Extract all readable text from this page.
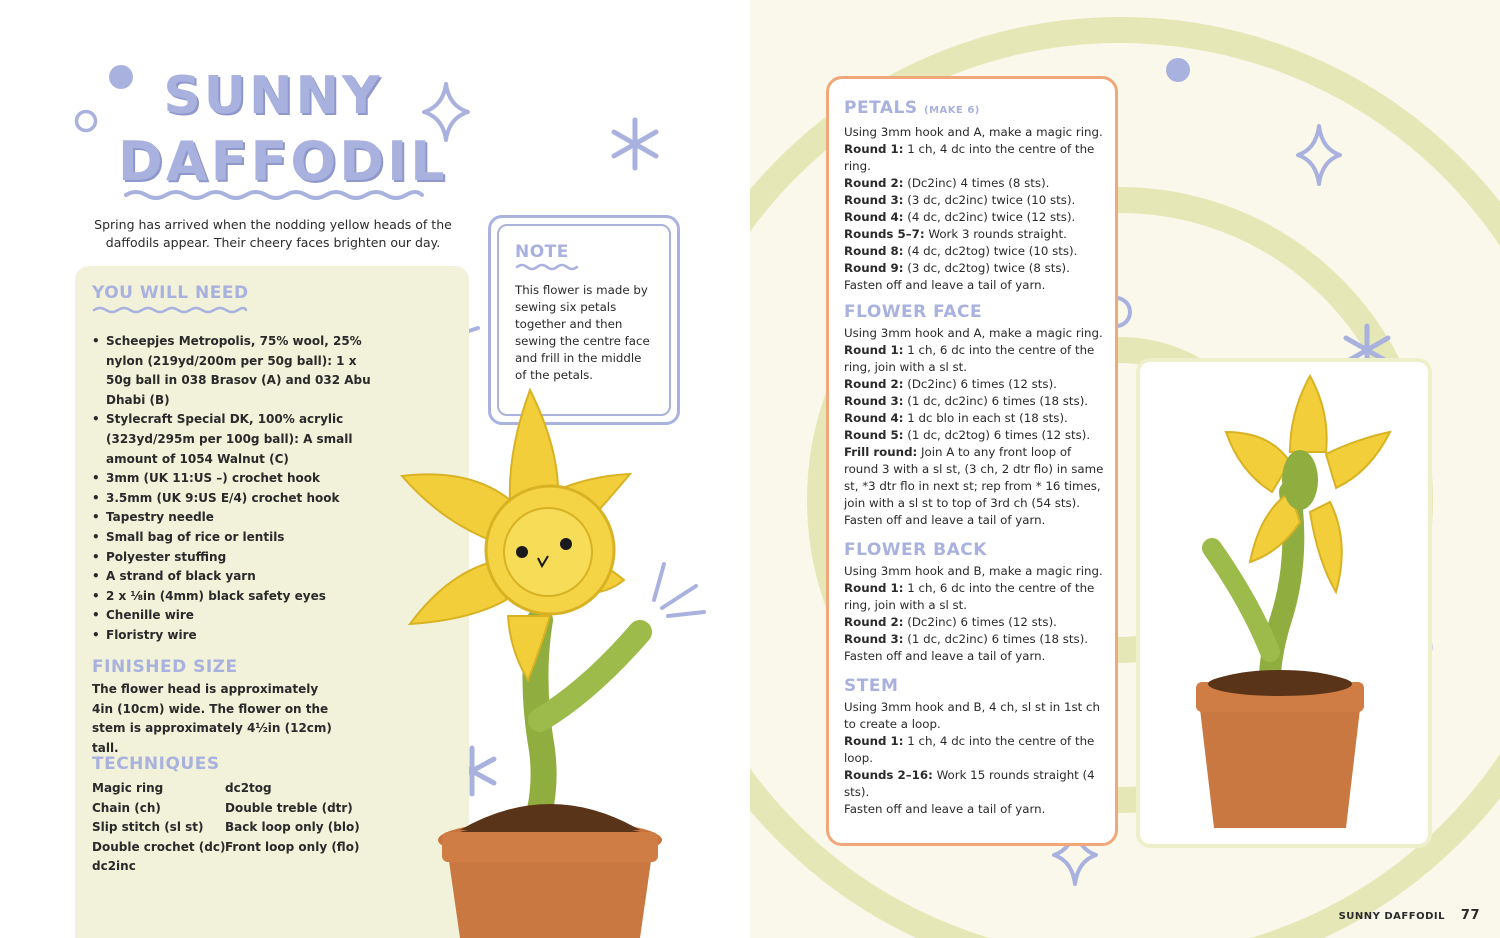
SUNNY
DAFFODIL
Spring has arrived when the nodding yellow heads of the daffodils appear. Their cheery faces brighten our day.
YOU WILL NEED
• Scheepjes Metropolis, 75% wool, 25% nylon (219yd/200m per 50g ball): 1 x 50g ball in 038 Brasov (A) and 032 Abu Dhabi (B)
• Stylecraft Special DK, 100% acrylic (323yd/295m per 100g ball): A small amount of 1054 Walnut (C)
• 3mm (UK 11:US –) crochet hook
• 3.5mm (UK 9:US E/4) crochet hook
• Tapestry needle
• Small bag of rice or lentils
• Polyester stuffing
• A strand of black yarn
• 2 x ⅛in (4mm) black safety eyes
• Chenille wire
• Floristry wire
FINISHED SIZE
The flower head is approximately 4in (10cm) wide. The flower on the stem is approximately 4½in (12cm) tall.
TECHNIQUES
Magic ring
Chain (ch)
Slip stitch (sl st)
Double crochet (dc)
dc2inc
dc2tog
Double treble (dtr)
Back loop only (blo)
Front loop only (flo)
NOTE
This flower is made by sewing six petals together and then sewing the centre face and frill in the middle of the petals.
PETALS (MAKE 6)

Using 3mm hook and A, make a magic ring.

Round 1: 1 ch, 4 dc into the centre of the ring.

Round 2: (Dc2inc) 4 times (8 sts).

Round 3: (3 dc, dc2inc) twice (10 sts).

Round 4: (4 dc, dc2inc) twice (12 sts).

Rounds 5–7: Work 3 rounds straight.

Round 8: (4 dc, dc2tog) twice (10 sts).

Round 9: (3 dc, dc2tog) twice (8 sts).

Fasten off and leave a tail of yarn.

FLOWER FACE

Using 3mm hook and A, make a magic ring.

Round 1: 1 ch, 6 dc into the centre of the ring, join with a sl st.

Round 2: (Dc2inc) 6 times (12 sts).

Round 3: (1 dc, dc2inc) 6 times (18 sts).

Round 4: 1 dc blo in each st (18 sts).

Round 5: (1 dc, dc2tog) 6 times (12 sts).

Frill round: Join A to any front loop of round 3 with a sl st, (3 ch, 2 dtr flo) in same st, *3 dtr flo in next st; rep from * 16 times, join with a sl st to top of 3rd ch (54 sts).

Fasten off and leave a tail of yarn.

FLOWER BACK

Using 3mm hook and B, make a magic ring.

Round 1: 1 ch, 6 dc into the centre of the ring, join with a sl st.

Round 2: (Dc2inc) 6 times (12 sts).

Round 3: (1 dc, dc2inc) 6 times (18 sts).

Fasten off and leave a tail of yarn.

STEM

Using 3mm hook and B, 4 ch, sl st in 1st ch to create a loop.

Round 1: 1 ch, 4 dc into the centre of the loop.

Rounds 2–16: Work 15 rounds straight (4 sts).

Fasten off and leave a tail of yarn.

SUNNY DAFFODIL 77
